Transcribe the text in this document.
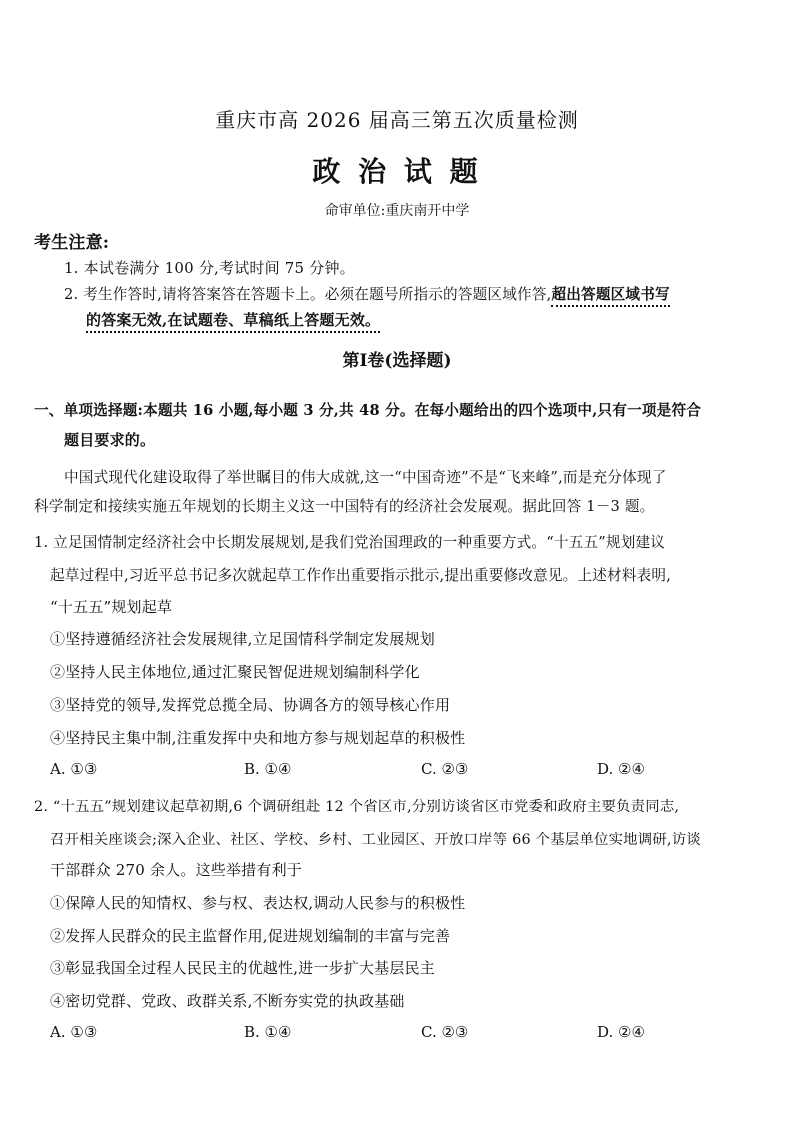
重庆市高 2026 届高三第五次质量检测
政 治 试 题
命审单位:重庆南开中学
考生注意:
1. 本试卷满分 100 分,考试时间 75 分钟。
2. 考生作答时,请将答案答在答题卡上。必须在题号所指示的答题区域作答,超出答题区域书写
的答案无效,在试题卷、草稿纸上答题无效。
第Ⅰ卷(选择题)
一、单项选择题:本题共 16 小题,每小题 3 分,共 48 分。在每小题给出的四个选项中,只有一项是符合
题目要求的。
中国式现代化建设取得了举世瞩目的伟大成就,这一“中国奇迹”不是“飞来峰”,而是充分体现了
科学制定和接续实施五年规划的长期主义这一中国特有的经济社会发展观。据此回答 1－3 题。
1. 立足国情制定经济社会中长期发展规划,是我们党治国理政的一种重要方式。“十五五”规划建议
起草过程中,习近平总书记多次就起草工作作出重要指示批示,提出重要修改意见。上述材料表明,
“十五五”规划起草
①坚持遵循经济社会发展规律,立足国情科学制定发展规划
②坚持人民主体地位,通过汇聚民智促进规划编制科学化
③坚持党的领导,发挥党总揽全局、协调各方的领导核心作用
④坚持民主集中制,注重发挥中央和地方参与规划起草的积极性
A. ①③	B. ①④	C. ②③	D. ②④
2. “十五五”规划建议起草初期,6 个调研组赴 12 个省区市,分别访谈省区市党委和政府主要负责同志,
召开相关座谈会;深入企业、社区、学校、乡村、工业园区、开放口岸等 66 个基层单位实地调研,访谈
干部群众 270 余人。这些举措有利于
①保障人民的知情权、参与权、表达权,调动人民参与的积极性
②发挥人民群众的民主监督作用,促进规划编制的丰富与完善
③彰显我国全过程人民民主的优越性,进一步扩大基层民主
④密切党群、党政、政群关系,不断夯实党的执政基础
A. ①③	B. ①④	C. ②③	D. ②④
